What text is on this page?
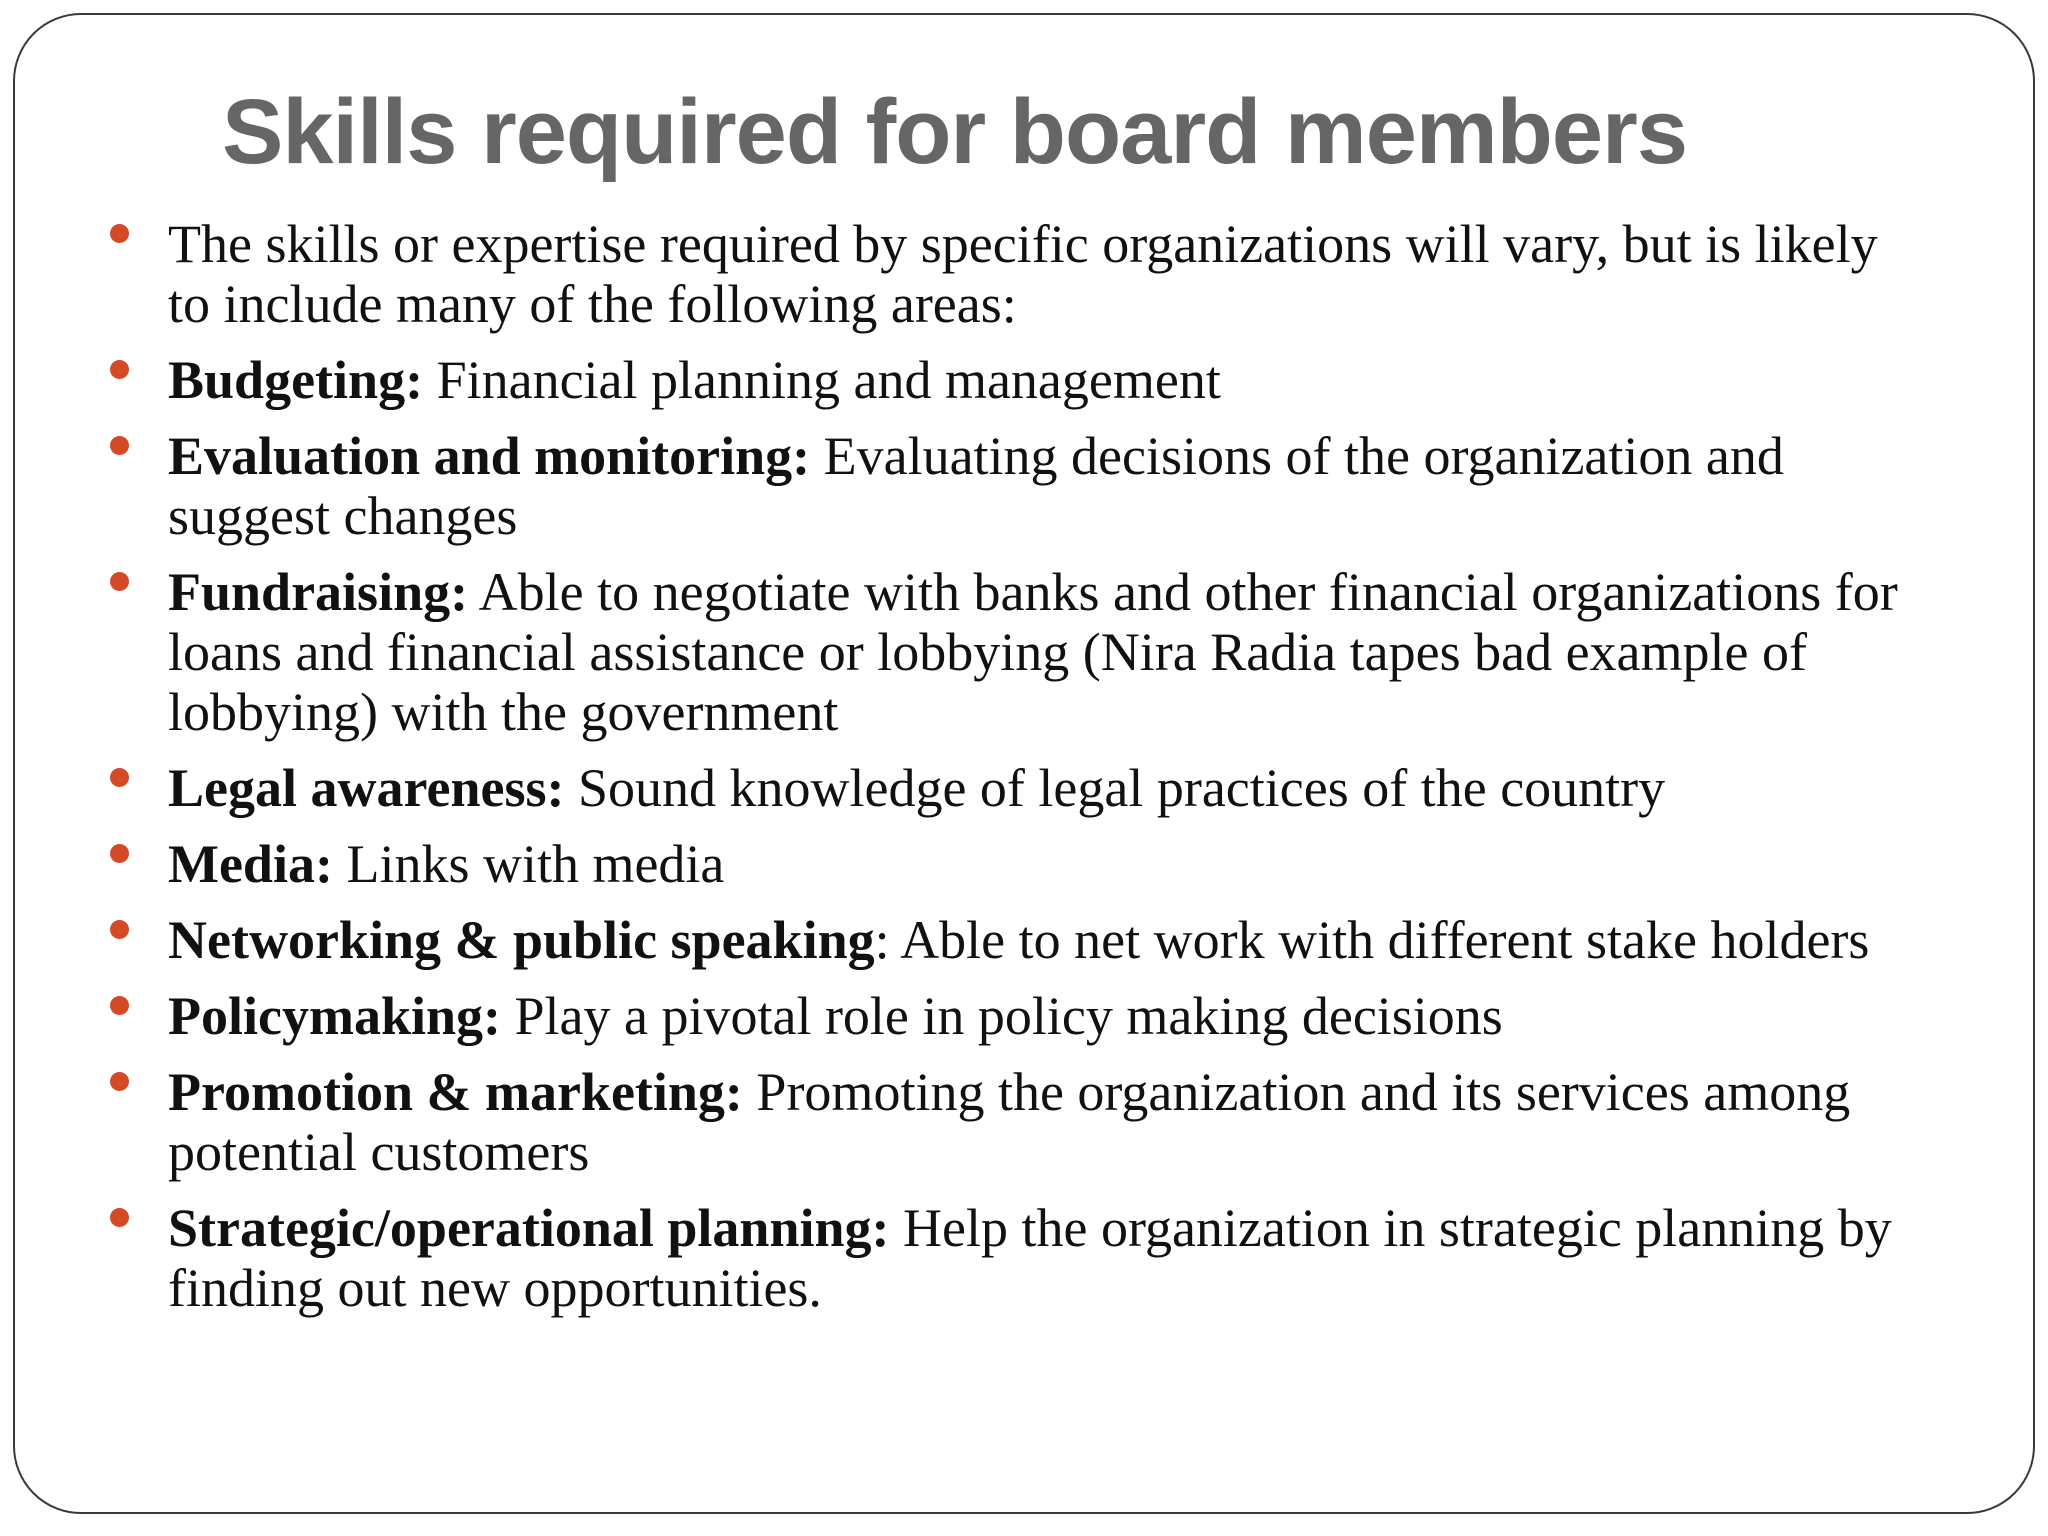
Skills required for board members
The skills or expertise required by specific organizations will vary, but is likely to include many of the following areas:
Budgeting: Financial planning and management
Evaluation and monitoring: Evaluating decisions of the organization and suggest changes
Fundraising: Able to negotiate with banks and other financial organizations for loans and financial assistance or lobbying (Nira Radia tapes bad example of lobbying) with the government
Legal awareness: Sound knowledge of legal practices of the country
Media: Links with media
Networking & public speaking: Able to net work with different stake holders
Policymaking: Play a pivotal role in policy making decisions
Promotion & marketing: Promoting the organization and its services among potential customers
Strategic/operational planning: Help the organization in strategic planning by finding out new opportunities.
